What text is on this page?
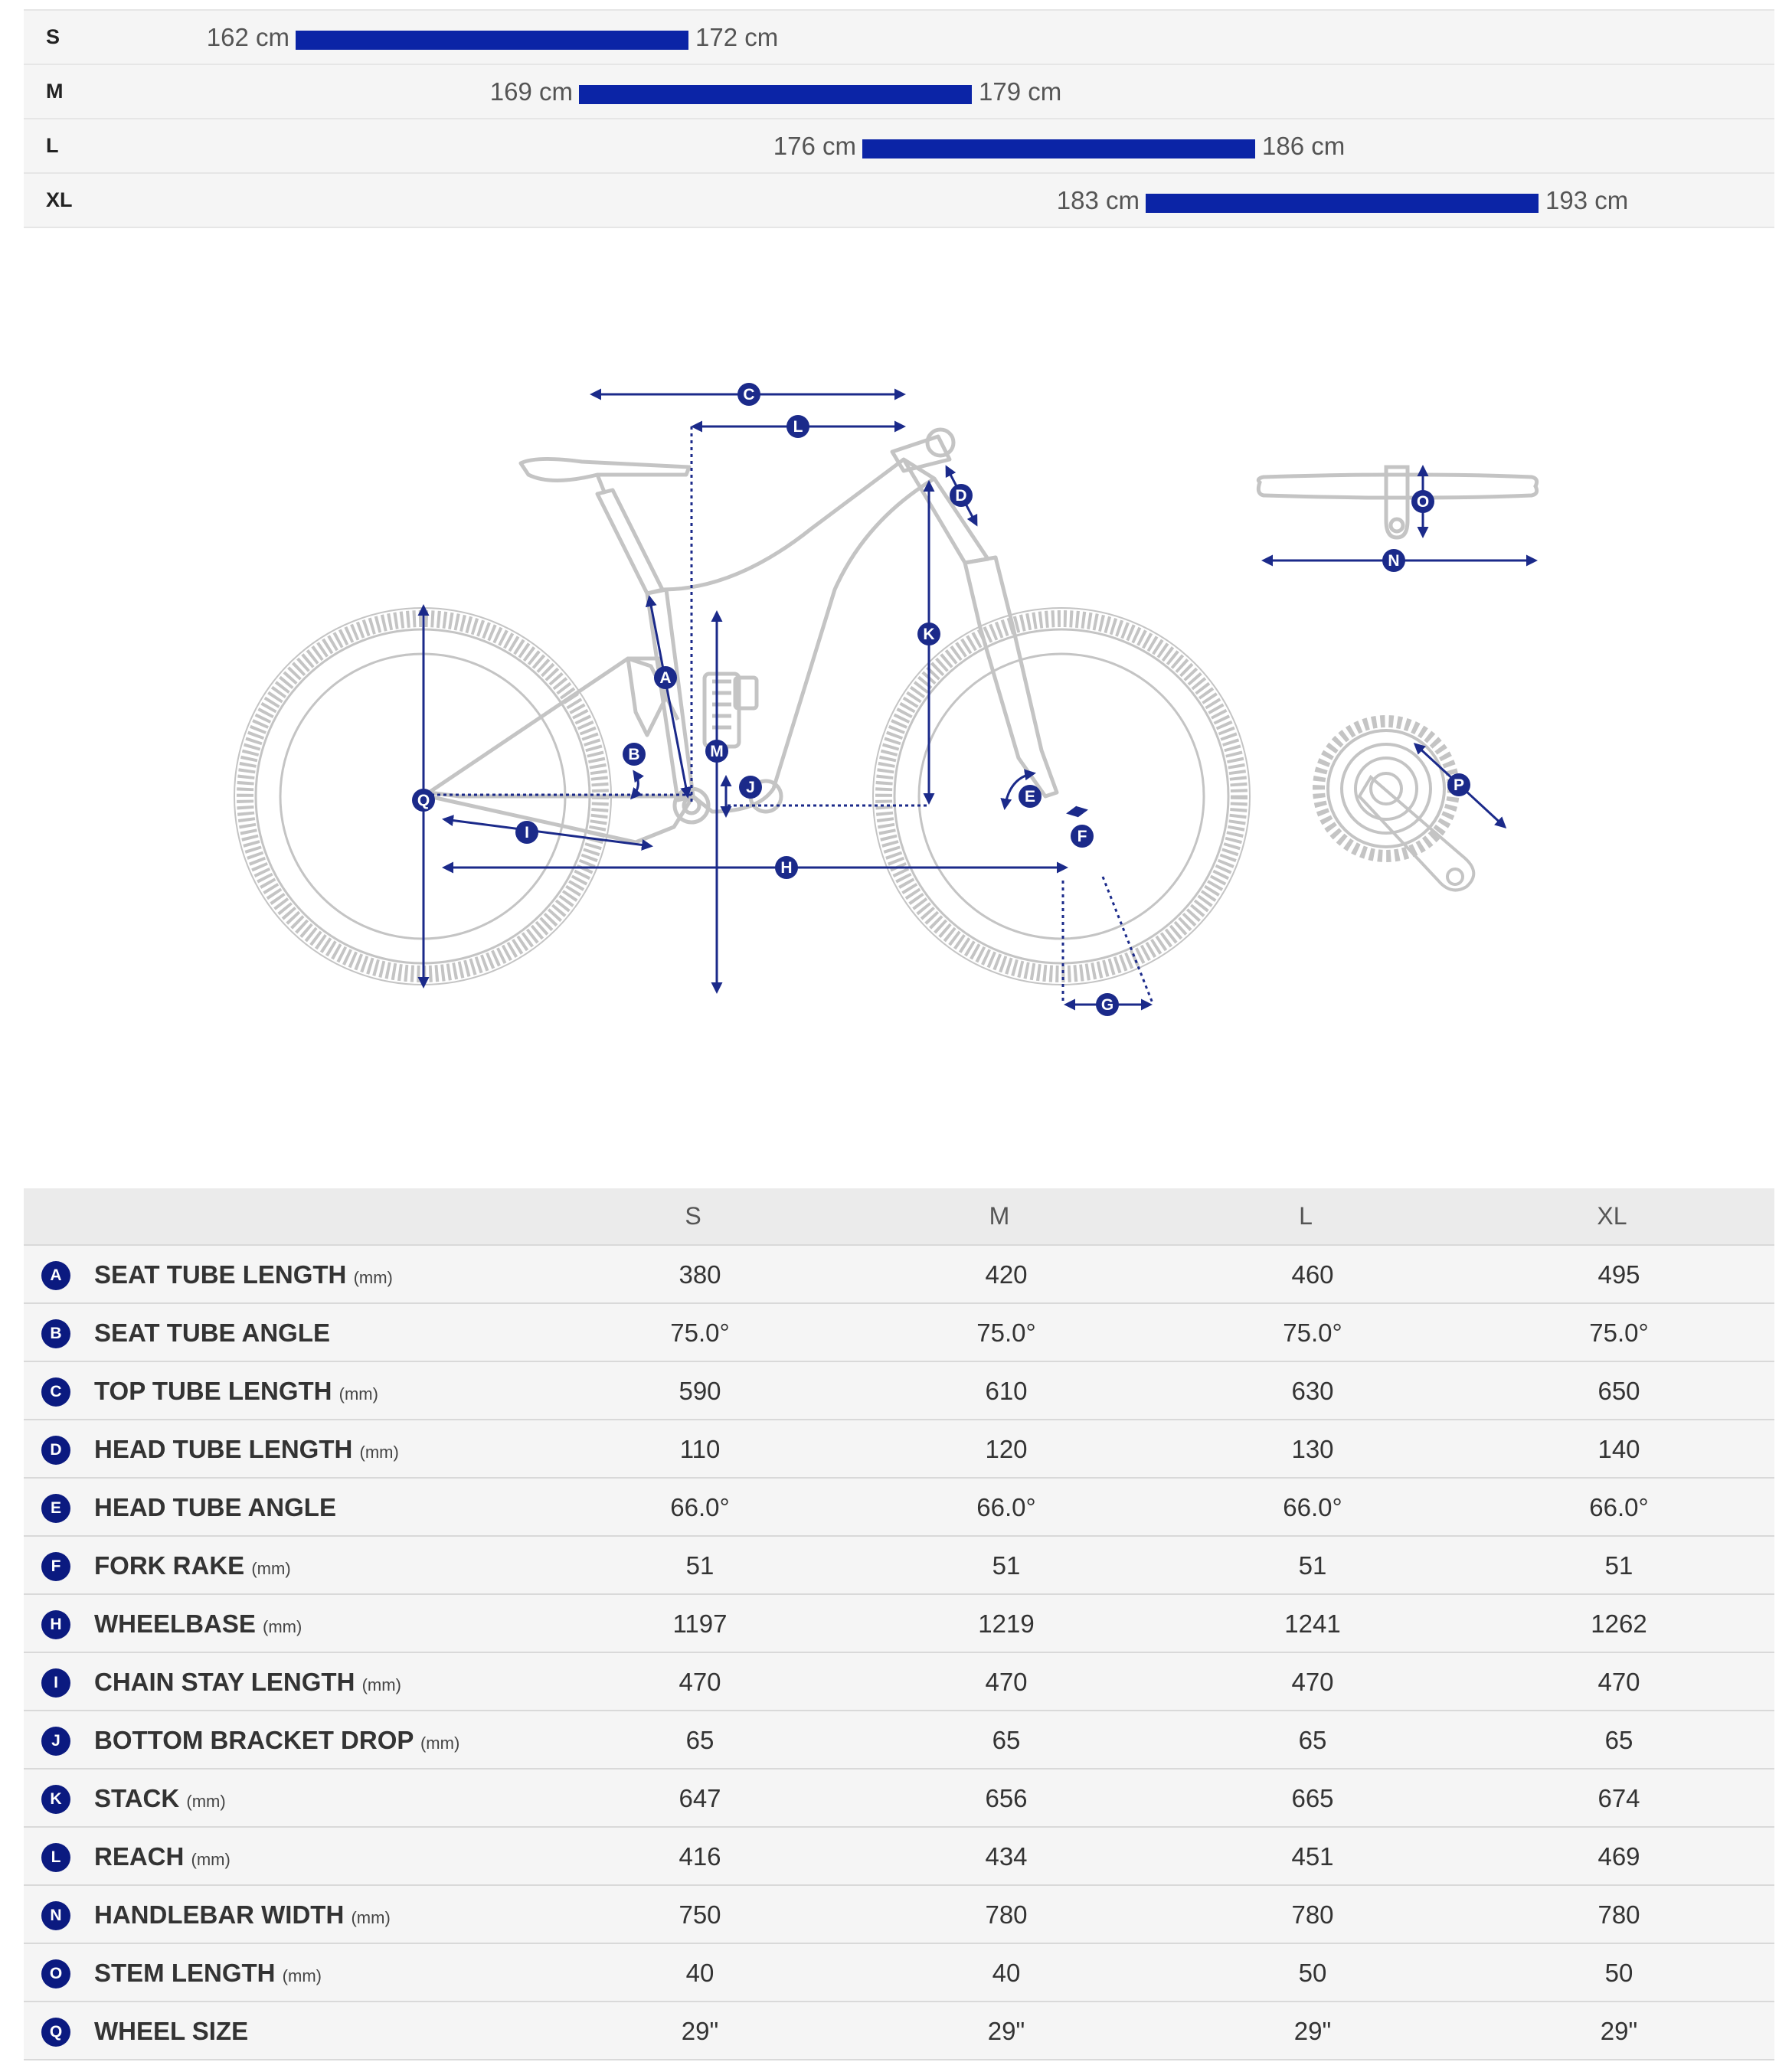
S	162 cm	172 cm
M	169 cm	179 cm
L	176 cm	186 cm
XL	183 cm	193 cm
A
B
C
D
E
F
G
H
I
J
K
L
M
N
O
P
Q
S	M	L	XL
A	SEAT TUBE LENGTH (mm)	380	420	460	495
B	SEAT TUBE ANGLE	75.0°	75.0°	75.0°	75.0°
C	TOP TUBE LENGTH (mm)	590	610	630	650
D	HEAD TUBE LENGTH (mm)	110	120	130	140
E	HEAD TUBE ANGLE	66.0°	66.0°	66.0°	66.0°
F	FORK RAKE (mm)	51	51	51	51
H	WHEELBASE (mm)	1197	1219	1241	1262
I	CHAIN STAY LENGTH (mm)	470	470	470	470
J	BOTTOM BRACKET DROP (mm)	65	65	65	65
K	STACK (mm)	647	656	665	674
L	REACH (mm)	416	434	451	469
N	HANDLEBAR WIDTH (mm)	750	780	780	780
O	STEM LENGTH (mm)	40	40	50	50
Q	WHEEL SIZE	29"	29"	29"	29"
